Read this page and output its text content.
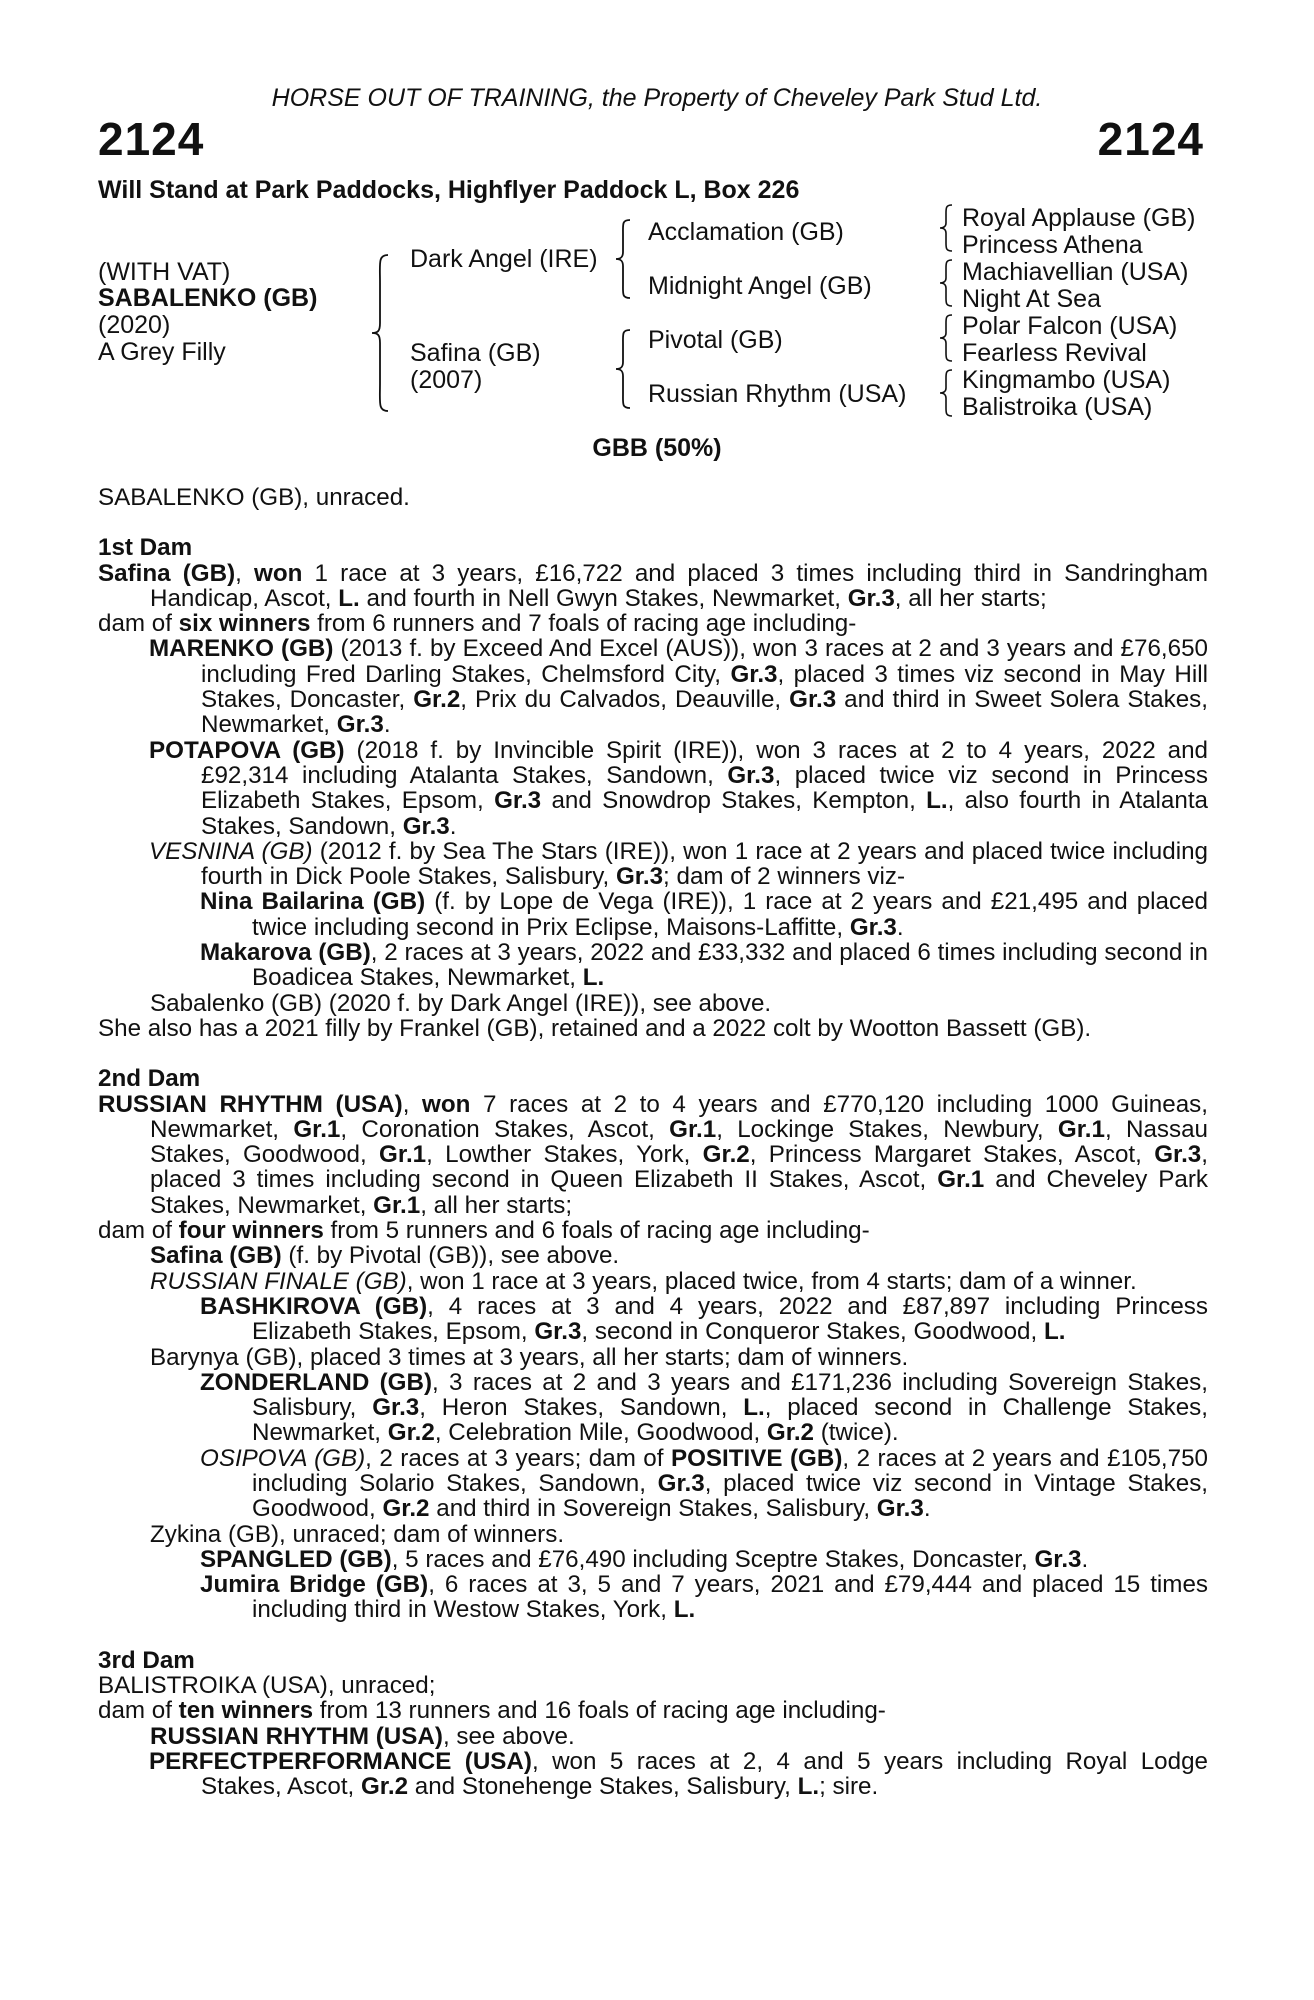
HORSE OUT OF TRAINING, the Property of Cheveley Park Stud Ltd.
2124	2124
Will Stand at Park Paddocks, Highflyer Paddock L, Box 226
(WITH VAT)
SABALENKO (GB)
(2020)
A Grey Filly
Dark Angel (IRE)
Safina (GB)
(2007)
Acclamation (GB)
Midnight Angel (GB)
Pivotal (GB)
Russian Rhythm (USA)
Royal Applause (GB)
Princess Athena
Machiavellian (USA)
Night At Sea
Polar Falcon (USA)
Fearless Revival
Kingmambo (USA)
Balistroika (USA)
GBB (50%)

SABALENKO (GB), unraced.

1st Dam

Safina (GB), won 1 race at 3 years, £16,722 and placed 3 times including third in Sandringham Handicap, Ascot, L. and fourth in Nell Gwyn Stakes, Newmarket, Gr.3, all her starts;

dam of six winners from 6 runners and 7 foals of racing age including-

MARENKO (GB) (2013 f. by Exceed And Excel (AUS)), won 3 races at 2 and 3 years and £76,650 including Fred Darling Stakes, Chelmsford City, Gr.3, placed 3 times viz second in May Hill Stakes, Doncaster, Gr.2, Prix du Calvados, Deauville, Gr.3 and third in Sweet Solera Stakes, Newmarket, Gr.3.

POTAPOVA (GB) (2018 f. by Invincible Spirit (IRE)), won 3 races at 2 to 4 years, 2022 and £92,314 including Atalanta Stakes, Sandown, Gr.3, placed twice viz second in Princess Elizabeth Stakes, Epsom, Gr.3 and Snowdrop Stakes, Kempton, L., also fourth in Atalanta Stakes, Sandown, Gr.3.

VESNINA (GB) (2012 f. by Sea The Stars (IRE)), won 1 race at 2 years and placed twice including fourth in Dick Poole Stakes, Salisbury, Gr.3; dam of 2 winners viz-

Nina Bailarina (GB) (f. by Lope de Vega (IRE)), 1 race at 2 years and £21,495 and placed twice including second in Prix Eclipse, Maisons-Laffitte, Gr.3.

Makarova (GB), 2 races at 3 years, 2022 and £33,332 and placed 6 times including second in Boadicea Stakes, Newmarket, L.

Sabalenko (GB) (2020 f. by Dark Angel (IRE)), see above.

She also has a 2021 filly by Frankel (GB), retained and a 2022 colt by Wootton Bassett (GB).

2nd Dam

RUSSIAN RHYTHM (USA), won 7 races at 2 to 4 years and £770,120 including 1000 Guineas, Newmarket, Gr.1, Coronation Stakes, Ascot, Gr.1, Lockinge Stakes, Newbury, Gr.1, Nassau Stakes, Goodwood, Gr.1, Lowther Stakes, York, Gr.2, Princess Margaret Stakes, Ascot, Gr.3, placed 3 times including second in Queen Elizabeth II Stakes, Ascot, Gr.1 and Cheveley Park Stakes, Newmarket, Gr.1, all her starts;

dam of four winners from 5 runners and 6 foals of racing age including-

Safina (GB) (f. by Pivotal (GB)), see above.

RUSSIAN FINALE (GB), won 1 race at 3 years, placed twice, from 4 starts; dam of a winner.

BASHKIROVA (GB), 4 races at 3 and 4 years, 2022 and £87,897 including Princess Elizabeth Stakes, Epsom, Gr.3, second in Conqueror Stakes, Goodwood, L.

Barynya (GB), placed 3 times at 3 years, all her starts; dam of winners.

ZONDERLAND (GB), 3 races at 2 and 3 years and £171,236 including Sovereign Stakes, Salisbury, Gr.3, Heron Stakes, Sandown, L., placed second in Challenge Stakes, Newmarket, Gr.2, Celebration Mile, Goodwood, Gr.2 (twice).

OSIPOVA (GB), 2 races at 3 years; dam of POSITIVE (GB), 2 races at 2 years and £105,750 including Solario Stakes, Sandown, Gr.3, placed twice viz second in Vintage Stakes, Goodwood, Gr.2 and third in Sovereign Stakes, Salisbury, Gr.3.

Zykina (GB), unraced; dam of winners.

SPANGLED (GB), 5 races and £76,490 including Sceptre Stakes, Doncaster, Gr.3.

Jumira Bridge (GB), 6 races at 3, 5 and 7 years, 2021 and £79,444 and placed 15 times including third in Westow Stakes, York, L.

3rd Dam

BALISTROIKA (USA), unraced;

dam of ten winners from 13 runners and 16 foals of racing age including-

RUSSIAN RHYTHM (USA), see above.

PERFECTPERFORMANCE (USA), won 5 races at 2, 4 and 5 years including Royal Lodge Stakes, Ascot, Gr.2 and Stonehenge Stakes, Salisbury, L.; sire.
